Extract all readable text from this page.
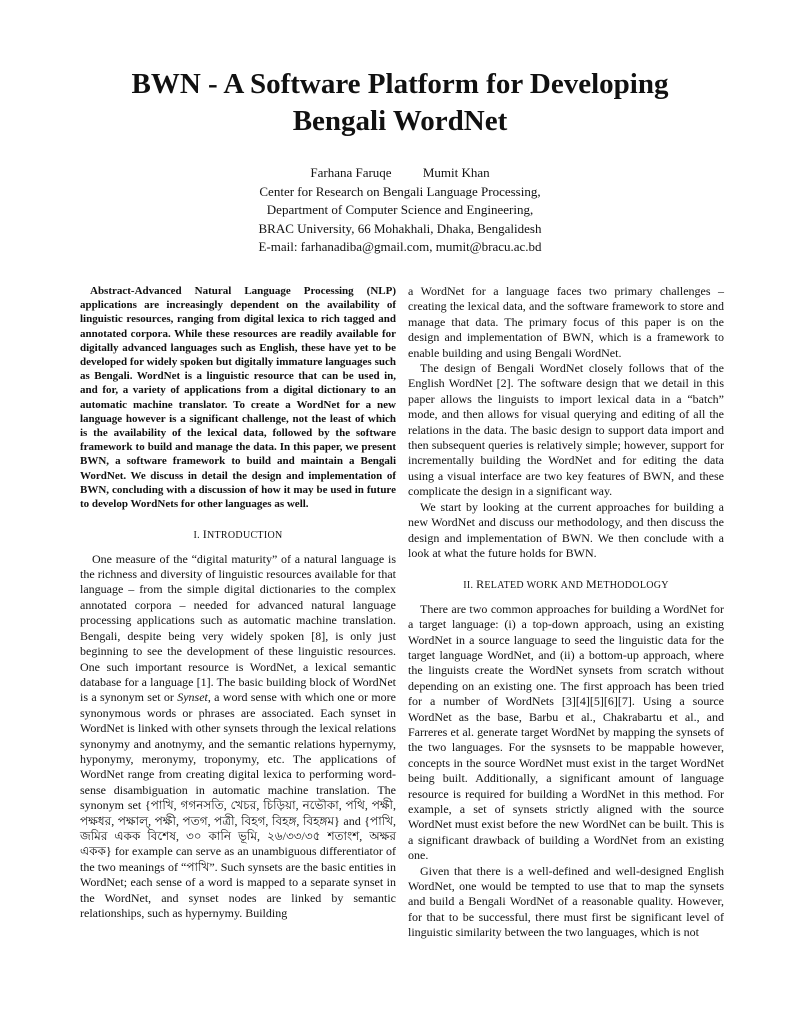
BWN - A Software Platform for Developing
Bengali WordNet
Farhana Faruqe Mumit Khan
Center for Research on Bengali Language Processing,
Department of Computer Science and Engineering,
BRAC University, 66 Mohakhali, Dhaka, Bengalidesh
E-mail: farhanadiba@gmail.com, mumit@bracu.ac.bd
Abstract-Advanced Natural Language Processing (NLP) applications are increasingly dependent on the availability of linguistic resources, ranging from digital lexica to rich tagged and annotated corpora. While these resources are readily available for digitally advanced languages such as English, these have yet to be developed for widely spoken but digitally immature languages such as Bengali. WordNet is a linguistic resource that can be used in, and for, a variety of applications from a digital dictionary to an automatic machine translator. To create a WordNet for a new language however is a significant challenge, not the least of which is the availability of the lexical data, followed by the software framework to build and manage the data. In this paper, we present BWN, a software framework to build and maintain a Bengali WordNet. We discuss in detail the design and implementation of BWN, concluding with a discussion of how it may be used in future to develop WordNets for other languages as well.
I. INTRODUCTION

One measure of the “digital maturity” of a natural language is the richness and diversity of linguistic resources available for that language – from the simple digital dictionaries to the complex annotated corpora – needed for advanced natural language processing applications such as automatic machine translation. Bengali, despite being very widely spoken [8], is only just beginning to see the development of these linguistic resources. One such important resource is WordNet, a lexical semantic database for a language [1]. The basic building block of WordNet is a synonym set or Synset, a word sense with which one or more synonymous words or phrases are associated. Each synset in WordNet is linked with other synsets through the lexical relations synonymy and anotnymy, and the semantic relations hypernymy, hyponymy, meronymy, troponymy, etc. The applications of WordNet range from creating digital lexica to performing word-sense disambiguation in automatic machine translation. The synonym set {পাখি, গগনসতি, খেচর, চিড়িয়া, নভৌকা, পথি, পক্ষী, পক্ষধর, পক্ষাল্‌, পক্ষী, পতগ, পত্রী, বিহগ, বিহঙ্গ, বিহঙ্গম} and {পাখি, জমির একক বিশেষ, ৩০ কানি ভূমি, ২৬/৩৩/৩৫ শতাংশ, অক্ষর একক} for example can serve as an unambiguous differentiator of the two meanings of “পাখি”. Such synsets are the basic entities in WordNet; each sense of a word is mapped to a separate synset in the WordNet, and synset nodes are linked by semantic relationships, such as hypernymy. Building

a WordNet for a language faces two primary challenges – creating the lexical data, and the software framework to store and manage that data. The primary focus of this paper is on the design and implementation of BWN, which is a framework to enable building and using Bengali WordNet.

The design of Bengali WordNet closely follows that of the English WordNet [2]. The software design that we detail in this paper allows the linguists to import lexical data in a “batch” mode, and then allows for visual querying and editing of all the relations in the data. The basic design to support data import and then subsequent queries is relatively simple; however, support for incrementally building the WordNet and for editing the data using a visual interface are two key features of BWN, and these complicate the design in a significant way.

We start by looking at the current approaches for building a new WordNet and discuss our methodology, and then discuss the design and implementation of BWN. We then conclude with a look at what the future holds for BWN.

II. RELATED WORK AND METHODOLOGY

There are two common approaches for building a WordNet for a target language: (i) a top-down approach, using an existing WordNet in a source language to seed the linguistic data for the target language WordNet, and (ii) a bottom-up approach, where the linguists create the WordNet synsets from scratch without depending on an existing one. The first approach has been tried for a number of WordNets [3][4][5][6][7]. Using a source WordNet as the base, Barbu et al., Chakrabartu et al., and Farreres et al. generate target WordNet by mapping the synsets of the two languages. For the sysnsets to be mappable however, concepts in the source WordNet must exist in the target WordNet being built. Additionally, a significant amount of language resource is required for building a WordNet in this method. For example, a set of synsets strictly aligned with the source WordNet must exist before the new WordNet can be built. This is a significant drawback of building a WordNet from an existing one.

Given that there is a well-defined and well-designed English WordNet, one would be tempted to use that to map the synsets and build a Bengali WordNet of a reasonable quality. However, for that to be successful, there must first be significant level of linguistic similarity between the two languages, which is not
